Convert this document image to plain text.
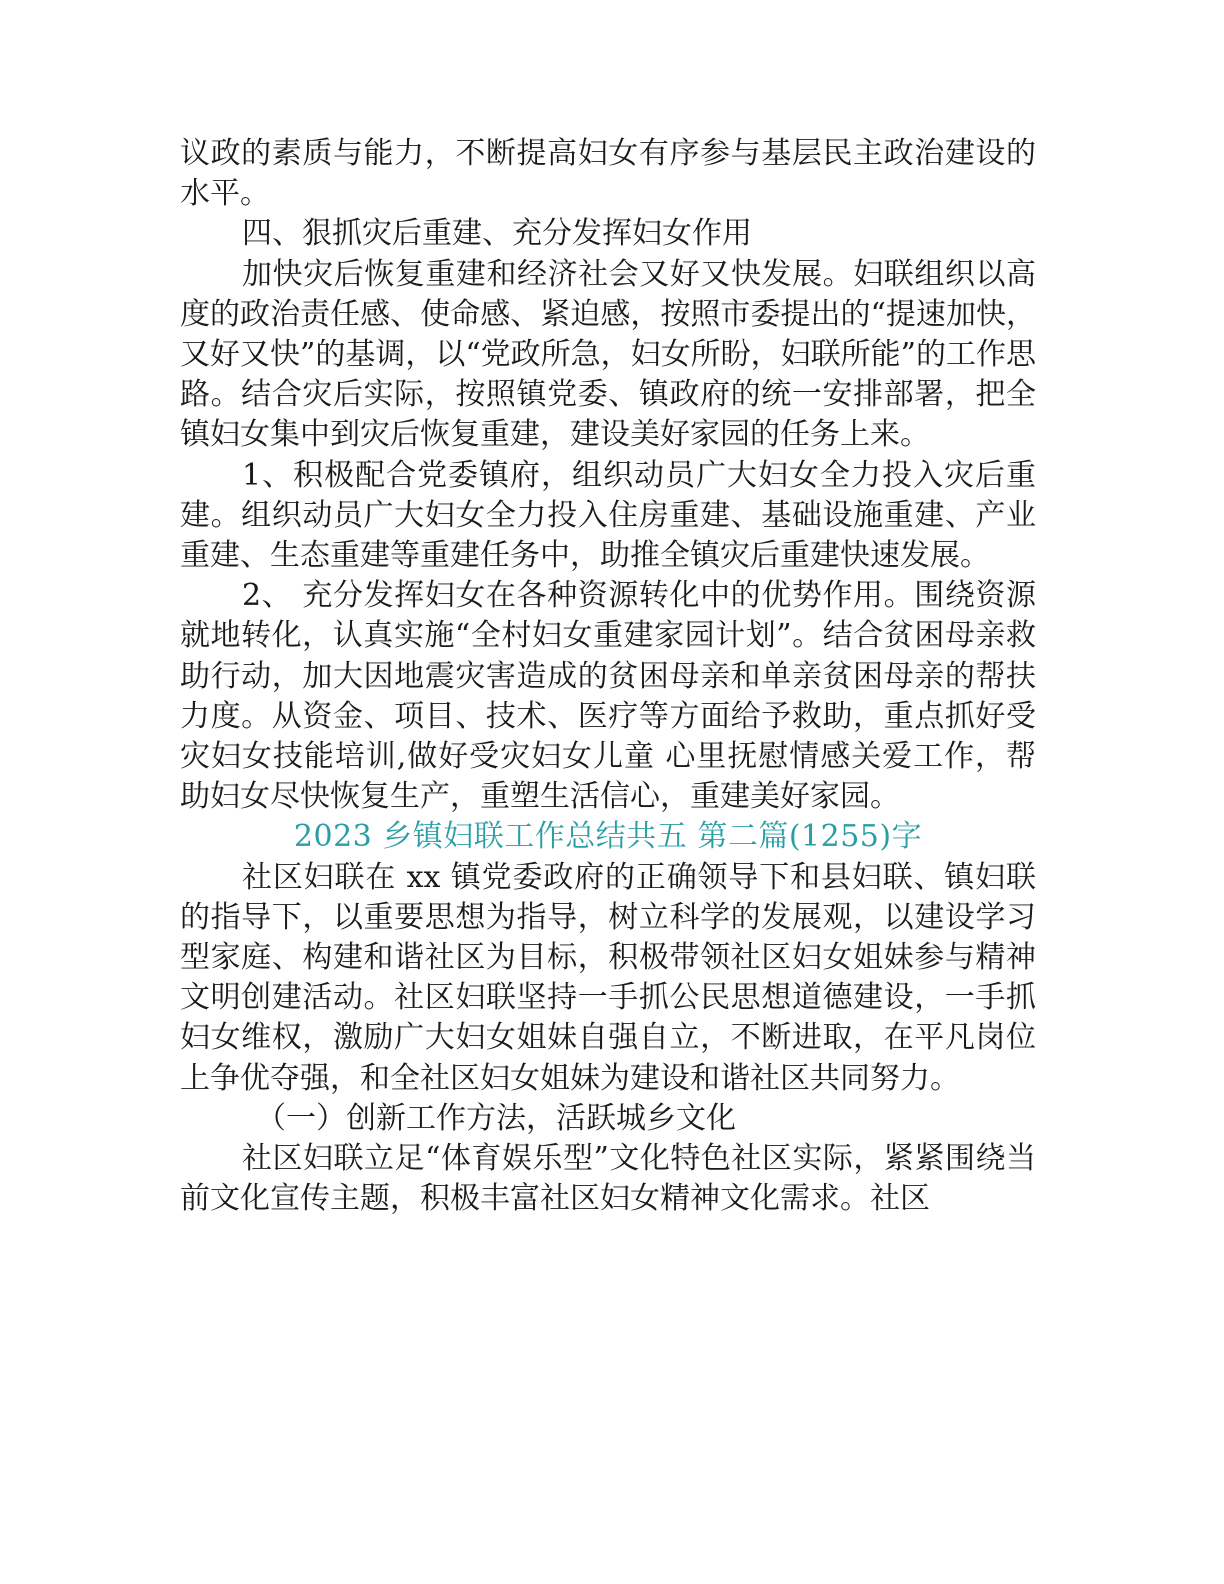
议政的素质与能力，不断提高妇女有序参与基层民主政治建设的水平。

四、狠抓灾后重建、充分发挥妇女作用

加快灾后恢复重建和经济社会又好又快发展。妇联组织以高度的政治责任感、使命感、紧迫感，按照市委提出的“提速加快，又好又快”的基调，以“党政所急，妇女所盼，妇联所能”的工作思路。结合灾后实际，按照镇党委、镇政府的统一安排部署，把全镇妇女集中到灾后恢复重建，建设美好家园的任务上来。

1、积极配合党委镇府，组织动员广大妇女全力投入灾后重建。组织动员广大妇女全力投入住房重建、基础设施重建、产业重建、生态重建等重建任务中，助推全镇灾后重建快速发展。

2、 充分发挥妇女在各种资源转化中的优势作用。围绕资源就地转化，认真实施“全村妇女重建家园计划”。结合贫困母亲救助行动，加大因地震灾害造成的贫困母亲和单亲贫困母亲的帮扶力度。从资金、项目、技术、医疗等方面给予救助，重点抓好受灾妇女技能培训,做好受灾妇女儿童 心里抚慰情感关爱工作，帮助妇女尽快恢复生产，重塑生活信心，重建美好家园。

2023 乡镇妇联工作总结共五 第二篇(1255)字

社区妇联在 xx 镇党委政府的正确领导下和县妇联、镇妇联的指导下，以重要思想为指导，树立科学的发展观，以建设学习型家庭、构建和谐社区为目标，积极带领社区妇女姐妹参与精神文明创建活动。社区妇联坚持一手抓公民思想道德建设，一手抓妇女维权，激励广大妇女姐妹自强自立，不断进取，在平凡岗位上争优夺强，和全社区妇女姐妹为建设和谐社区共同努力。

（一）创新工作方法，活跃城乡文化

社区妇联立足“体育娱乐型”文化特色社区实际，紧紧围绕当前文化宣传主题，积极丰富社区妇女精神文化需求。社区
